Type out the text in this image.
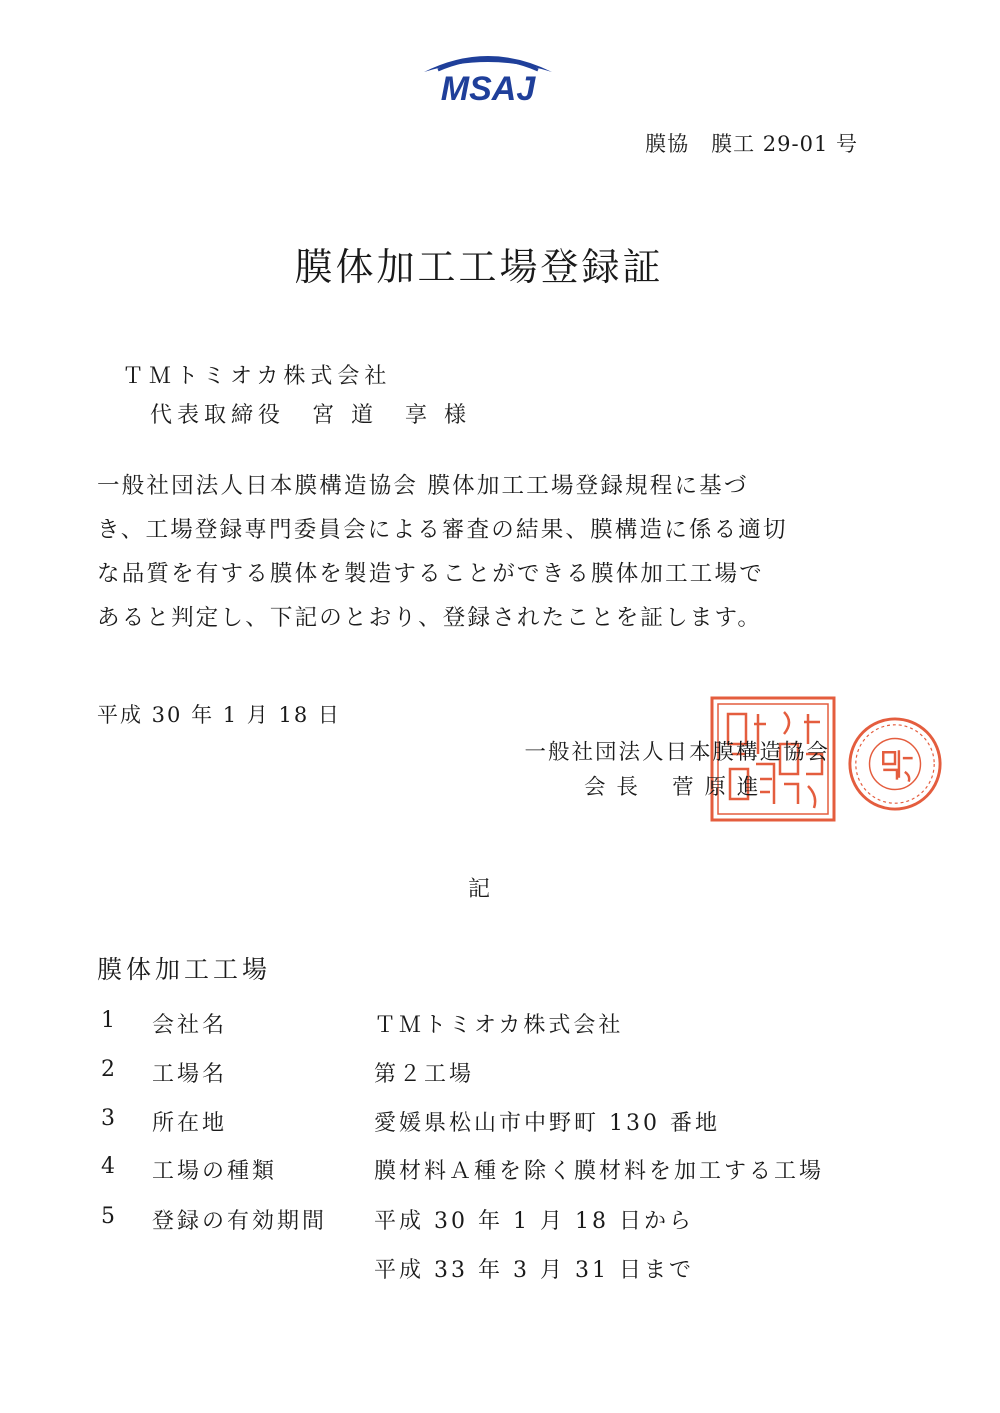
MSAJ
膜協　膜工 29-01 号
膜体加工工場登録証
ＴＭトミオカ株式会社
代表取締役　宮 道　享 様

一般社団法人日本膜構造協会 膜体加工工場登録規程に基づ

き、工場登録専門委員会による審査の結果、膜構造に係る適切

な品質を有する膜体を製造することができる膜体加工工場で

あると判定し、下記のとおり、登録されたことを証します。

平成 30 年 1 月 18 日
一般社団法人日本膜構造協会
会 長　 菅 原 進
記
膜体加工工場
1 会社名	ＴＭトミオカ株式会社
2 工場名	第２工場
3 所在地	愛媛県松山市中野町 130 番地
4 工場の種類	膜材料Ａ種を除く膜材料を加工する工場
5 登録の有効期間 平成 30 年 1 月 18 日から
平成 33 年 3 月 31 日まで
